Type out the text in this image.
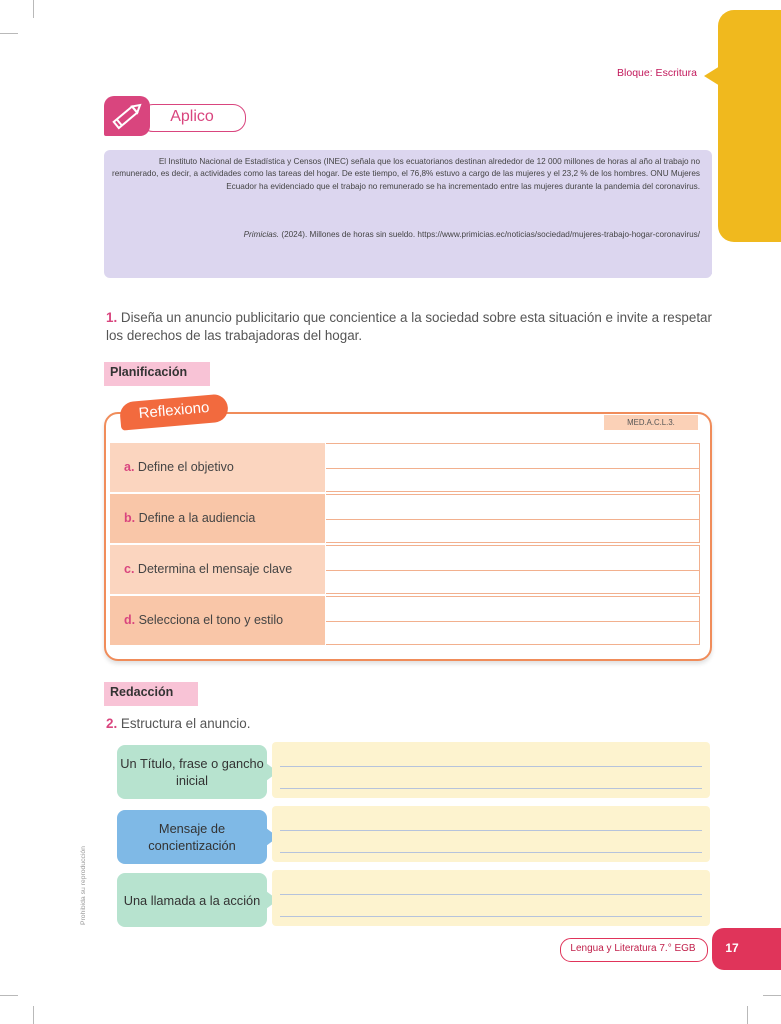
Bloque: Escritura
Aplico
El Instituto Nacional de Estadística y Censos (INEC) señala que los ecuatorianos destinan alrededor de 12 000 millones de horas al año al trabajo no remunerado, es decir, a actividades como las tareas del hogar. De este tiempo, el 76,8% estuvo a cargo de las mujeres y el 23,2 % de los hombres. ONU Mujeres Ecuador ha evidenciado que el trabajo no remunerado se ha incrementado entre las mujeres durante la pandemia del coronavirus.
Primicias. (2024). Millones de horas sin sueldo. https://www.primicias.ec/noticias/sociedad/mujeres-trabajo-hogar-coronavirus/
1. Diseña un anuncio publicitario que concientice a la sociedad sobre esta situación e invite a respetar los derechos de las trabajadoras del hogar.
Planificación
Reflexiono
MED.A.C.L.3.
a. Define el objetivo
b. Define a la audiencia
c. Determina el mensaje clave
d. Selecciona el tono y estilo
Redacción
2. Estructura el anuncio.
Un Título, frase o gancho inicial
Mensaje de concientización
Una llamada a la acción
Prohibida su reproducción
Lengua y Literatura 7.° EGB	17
